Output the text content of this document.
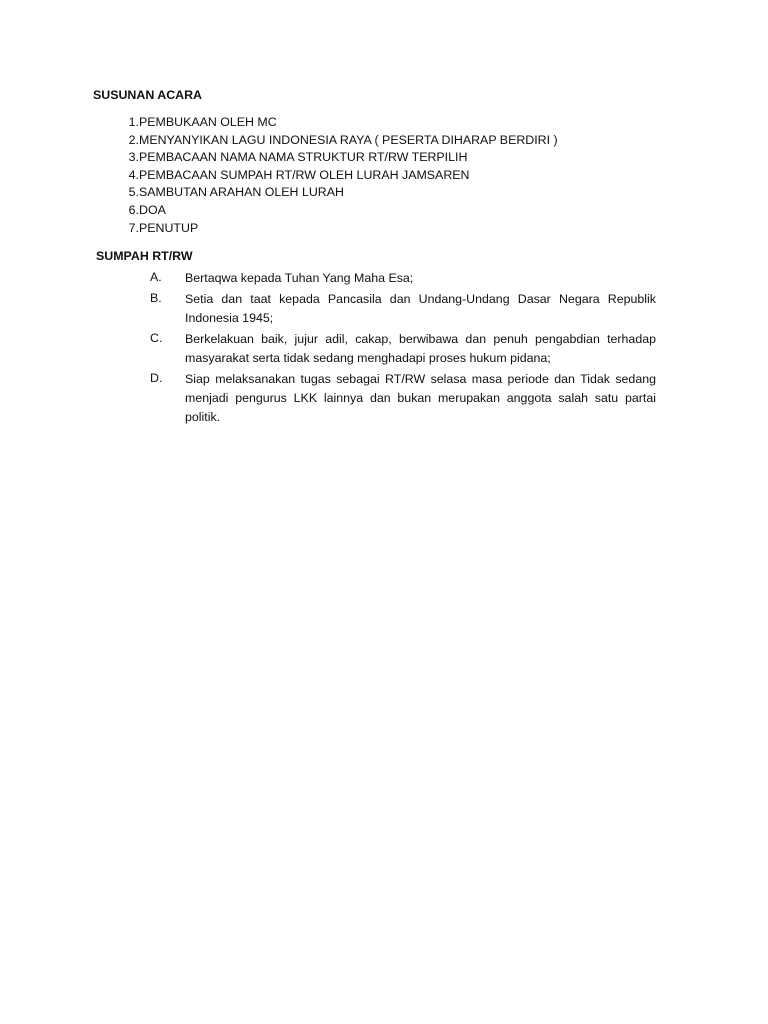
SUSUNAN ACARA
1. PEMBUKAAN OLEH MC
2. MENYANYIKAN LAGU INDONESIA RAYA ( PESERTA DIHARAP BERDIRI )
3. PEMBACAAN NAMA NAMA STRUKTUR RT/RW TERPILIH
4. PEMBACAAN SUMPAH RT/RW OLEH LURAH JAMSAREN
5. SAMBUTAN ARAHAN OLEH LURAH
6. DOA
7. PENUTUP
SUMPAH RT/RW
A.	Bertaqwa kepada Tuhan Yang Maha Esa;
B.	Setia dan taat kepada Pancasila dan Undang-Undang Dasar Negara Republik Indonesia 1945;
C.	Berkelakuan baik, jujur adil, cakap, berwibawa dan penuh pengabdian terhadap masyarakat serta tidak sedang menghadapi proses hukum pidana;
D.	Siap melaksanakan tugas sebagai RT/RW selasa masa periode dan Tidak sedang menjadi pengurus LKK lainnya dan bukan merupakan anggota salah satu partai politik.
